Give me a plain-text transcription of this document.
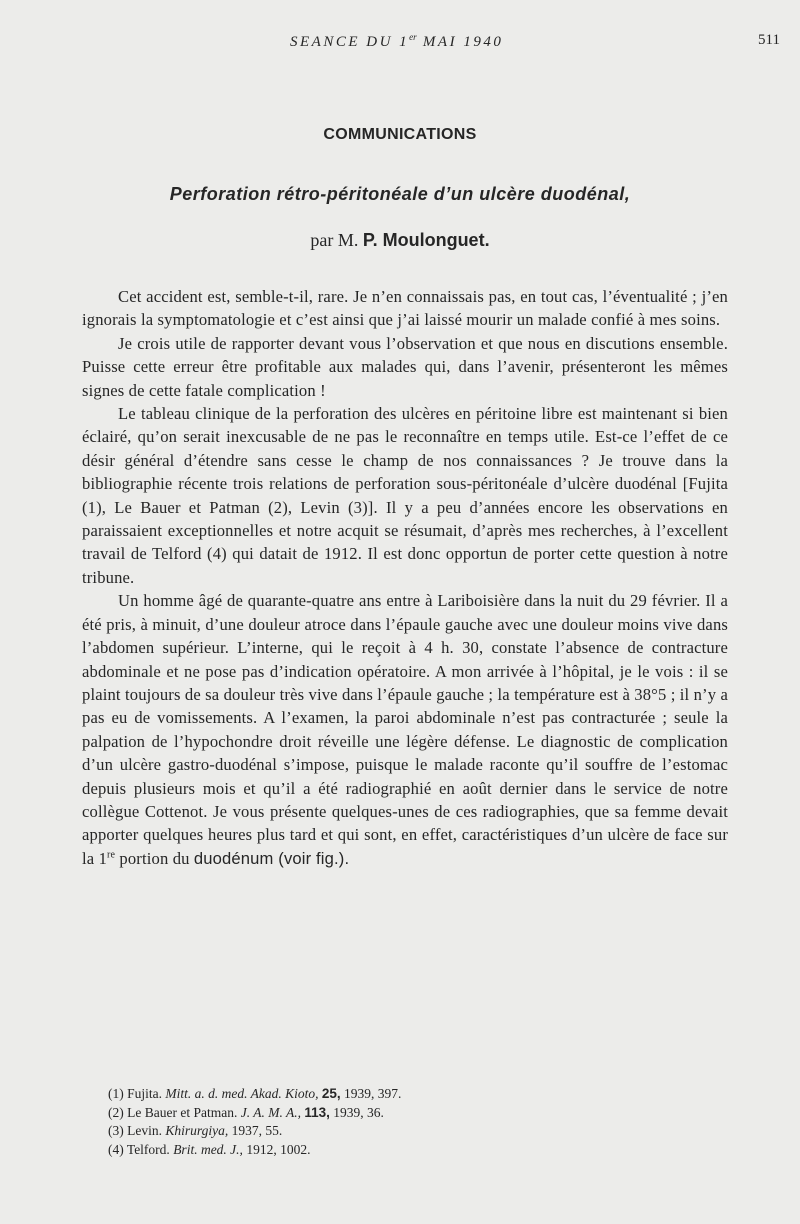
SEANCE DU 1er MAI 1940	511
COMMUNICATIONS
Perforation rétro-péritonéale d’un ulcère duodénal,
par M. P. Moulonguet.

Cet accident est, semble-t-il, rare. Je n’en connaissais pas, en tout cas, l’éventualité ; j’en ignorais la symptomatologie et c’est ainsi que j’ai laissé mourir un malade confié à mes soins.

Je crois utile de rapporter devant vous l’observation et que nous en discutions ensemble. Puisse cette erreur être profitable aux malades qui, dans l’avenir, présenteront les mêmes signes de cette fatale complication !

Le tableau clinique de la perforation des ulcères en péritoine libre est maintenant si bien éclairé, qu’on serait inexcusable de ne pas le reconnaître en temps utile. Est-ce l’effet de ce désir général d’étendre sans cesse le champ de nos connaissances ? Je trouve dans la bibliographie récente trois relations de perforation sous-péritonéale d’ulcère duodénal [Fujita (1), Le Bauer et Patman (2), Levin (3)]. Il y a peu d’années encore les observations en paraissaient exceptionnelles et notre acquit se résumait, d’après mes recherches, à l’excellent travail de Telford (4) qui datait de 1912. Il est donc opportun de porter cette question à notre tribune.

Un homme âgé de quarante-quatre ans entre à Lariboisière dans la nuit du 29 février. Il a été pris, à minuit, d’une douleur atroce dans l’épaule gauche avec une douleur moins vive dans l’abdomen supérieur. L’interne, qui le reçoit à 4 h. 30, constate l’absence de contracture abdominale et ne pose pas d’indication opératoire. A mon arrivée à l’hôpital, je le vois : il se plaint toujours de sa douleur très vive dans l’épaule gauche ; la température est à 38°5 ; il n’y a pas eu de vomissements. A l’examen, la paroi abdominale n’est pas contracturée ; seule la palpation de l’hypochondre droit réveille une légère défense. Le diagnostic de complication d’un ulcère gastro-duodénal s’impose, puisque le malade raconte qu’il souffre de l’estomac depuis plusieurs mois et qu’il a été radiographié en août dernier dans le service de notre collègue Cottenot. Je vous présente quelques-unes de ces radiographies, que sa femme devait apporter quelques heures plus tard et qui sont, en effet, caractéristiques d’un ulcère de face sur la 1re portion du duodénum (voir fig.).

(1) Fujita. Mitt. a. d. med. Akad. Kioto, 25, 1939, 397.
(2) Le Bauer et Patman. J. A. M. A., 113, 1939, 36.
(3) Levin. Khirurgiya, 1937, 55.
(4) Telford. Brit. med. J., 1912, 1002.
